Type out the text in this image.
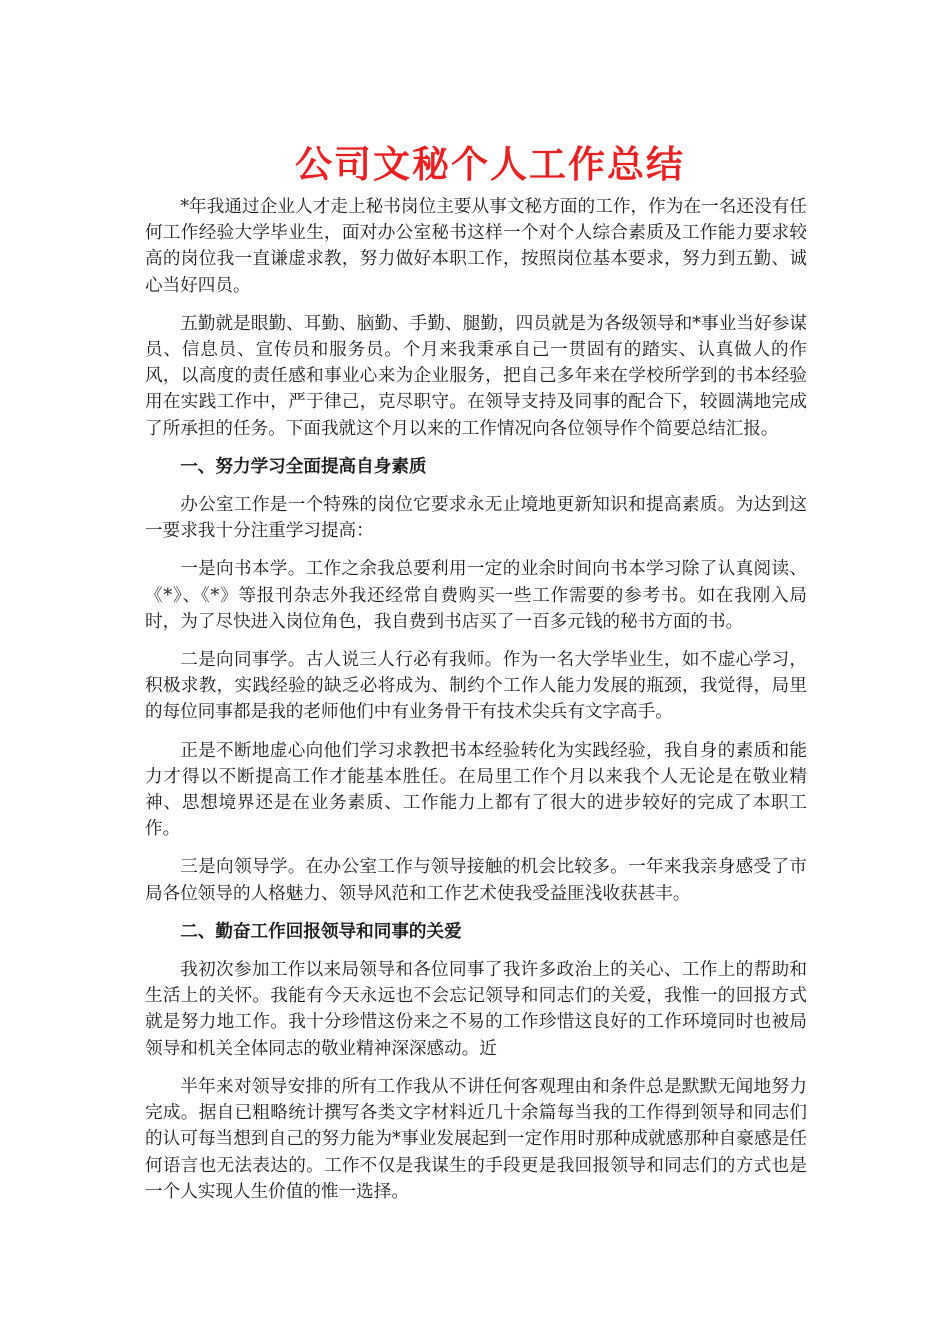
公司文秘个人工作总结

*年我通过企业人才走上秘书岗位主要从事文秘方面的工作，作为在一名还没有任何工作经验大学毕业生，面对办公室秘书这样一个对个人综合素质及工作能力要求较高的岗位我一直谦虚求教，努力做好本职工作，按照岗位基本要求，努力到五勤、诚心当好四员。

五勤就是眼勤、耳勤、脑勤、手勤、腿勤，四员就是为各级领导和*事业当好参谋员、信息员、宣传员和服务员。个月来我秉承自己一贯固有的踏实、认真做人的作风，以高度的责任感和事业心来为企业服务，把自己多年来在学校所学到的书本经验用在实践工作中，严于律己，克尽职守。在领导支持及同事的配合下，较圆满地完成了所承担的任务。下面我就这个月以来的工作情况向各位领导作个简要总结汇报。

一、努力学习全面提高自身素质

办公室工作是一个特殊的岗位它要求永无止境地更新知识和提高素质。为达到这一要求我十分注重学习提高：

一是向书本学。工作之余我总要利用一定的业余时间向书本学习除了认真阅读、《*》、《*》等报刊杂志外我还经常自费购买一些工作需要的参考书。如在我刚入局时，为了尽快进入岗位角色，我自费到书店买了一百多元钱的秘书方面的书。

二是向同事学。古人说三人行必有我师。作为一名大学毕业生，如不虚心学习，积极求教，实践经验的缺乏必将成为、制约个工作人能力发展的瓶颈，我觉得，局里的每位同事都是我的老师他们中有业务骨干有技术尖兵有文字高手。

正是不断地虚心向他们学习求教把书本经验转化为实践经验，我自身的素质和能力才得以不断提高工作才能基本胜任。在局里工作个月以来我个人无论是在敬业精神、思想境界还是在业务素质、工作能力上都有了很大的进步较好的完成了本职工作。

三是向领导学。在办公室工作与领导接触的机会比较多。一年来我亲身感受了市局各位领导的人格魅力、领导风范和工作艺术使我受益匪浅收获甚丰。

二、勤奋工作回报领导和同事的关爱

我初次参加工作以来局领导和各位同事了我许多政治上的关心、工作上的帮助和生活上的关怀。我能有今天永远也不会忘记领导和同志们的关爱，我惟一的回报方式就是努力地工作。我十分珍惜这份来之不易的工作珍惜这良好的工作环境同时也被局领导和机关全体同志的敬业精神深深感动。近

半年来对领导安排的所有工作我从不讲任何客观理由和条件总是默默无闻地努力完成。据自已粗略统计撰写各类文字材料近几十余篇每当我的工作得到领导和同志们的认可每当想到自己的努力能为*事业发展起到一定作用时那种成就感那种自豪感是任何语言也无法表达的。工作不仅是我谋生的手段更是我回报领导和同志们的方式也是一个人实现人生价值的惟一选择。
